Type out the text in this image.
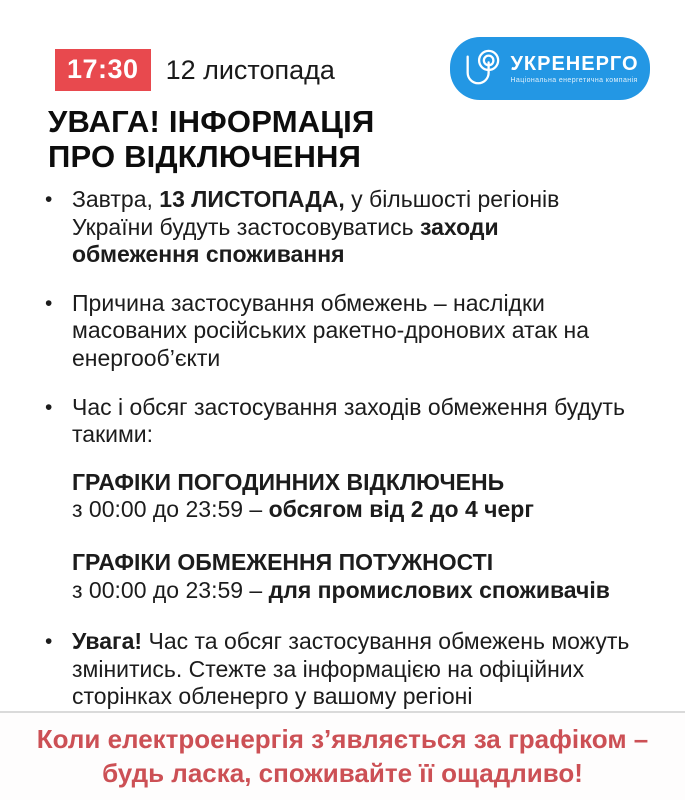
17:30	12 листопада	УКРЕНЕРГО
Національна енергетична компанія
УВАГА! ІНФОРМАЦІЯ
ПРО ВІДКЛЮЧЕННЯ
• Завтра, 13 ЛИСТОПАДА, у більшості регіонів України будуть застосовуватись заходи обмеження споживання
• Причина застосування обмежень – наслідки масованих російських ракетно-дронових атак на енергооб’єкти
• Час і обсяг застосування заходів обмеження будуть такими:
ГРАФІКИ ПОГОДИННИХ ВІДКЛЮЧЕНЬ
з 00:00 до 23:59 – обсягом від 2 до 4 черг
ГРАФІКИ ОБМЕЖЕННЯ ПОТУЖНОСТІ
з 00:00 до 23:59 – для промислових споживачів
• Увага! Час та обсяг застосування обмежень можуть змінитись. Стежте за інформацією на офіційних сторінках обленерго у вашому регіоні
Коли електроенергія з’являється за графіком –
будь ласка, споживайте її ощадливо!
